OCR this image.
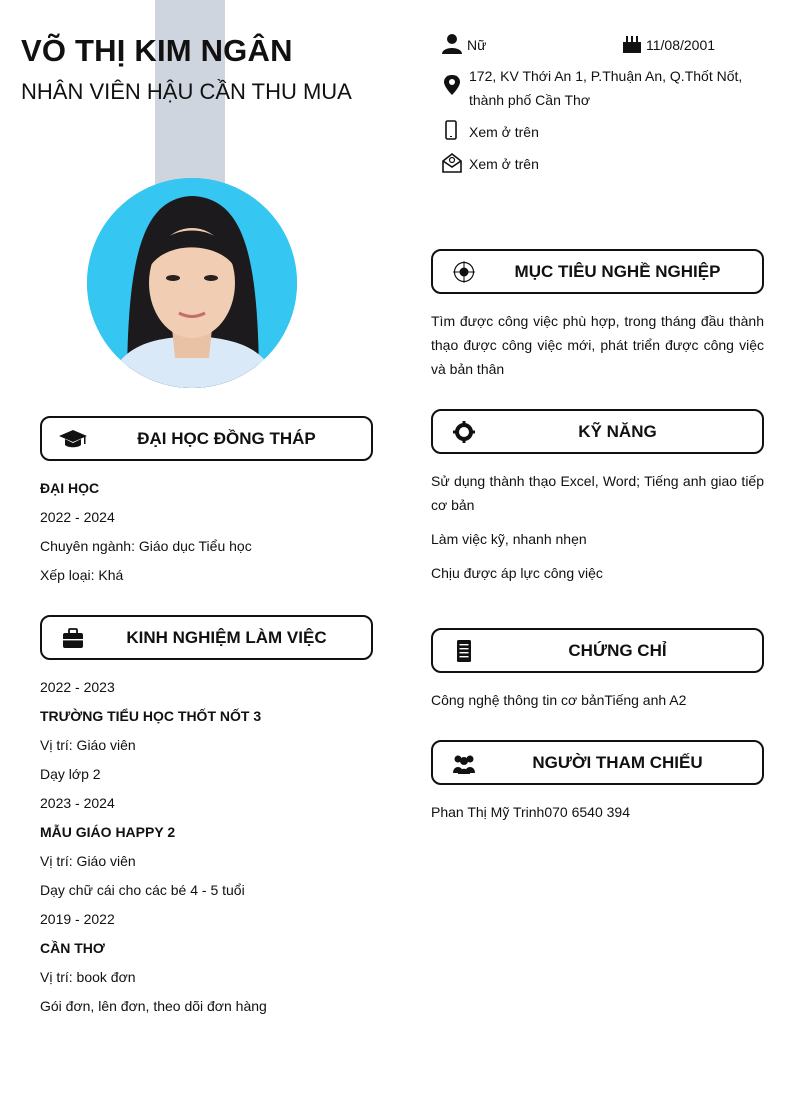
VÕ THỊ KIM NGÂN
NHÂN VIÊN HẬU CẦN THU MUA
Nữ	11/08/2001
172, KV Thới An 1, P.Thuận An, Q.Thốt Nốt, thành phố Cần Thơ
Xem ở trên
Xem ở trên
ĐẠI HỌC ĐỒNG THÁP
ĐẠI HỌC
2022 - 2024
Chuyên ngành: Giáo dục Tiểu học
Xếp loại: Khá
KINH NGHIỆM LÀM VIỆC
2022 - 2023
TRƯỜNG TIỂU HỌC THỐT NỐT 3
Vị trí: Giáo viên
Dạy lớp 2
2023 - 2024
MẪU GIÁO HAPPY 2
Vị trí: Giáo viên
Dạy chữ cái cho các bé 4 - 5 tuổi
2019 - 2022
CẦN THƠ
Vị trí: book đơn
Gói đơn, lên đơn, theo dõi đơn hàng
MỤC TIÊU NGHỀ NGHIỆP
Tìm được công việc phù hợp, trong tháng đầu thành thạo được công việc mới, phát triển được công việc và bản thân
KỸ NĂNG
Sử dụng thành thạo Excel, Word; Tiếng anh giao tiếp cơ bản
Làm việc kỹ, nhanh nhẹn
Chịu được áp lực công việc
CHỨNG CHỈ
Công nghệ thông tin cơ bảnTiếng anh A2
NGƯỜI THAM CHIẾU
Phan Thị Mỹ Trinh070 6540 394
